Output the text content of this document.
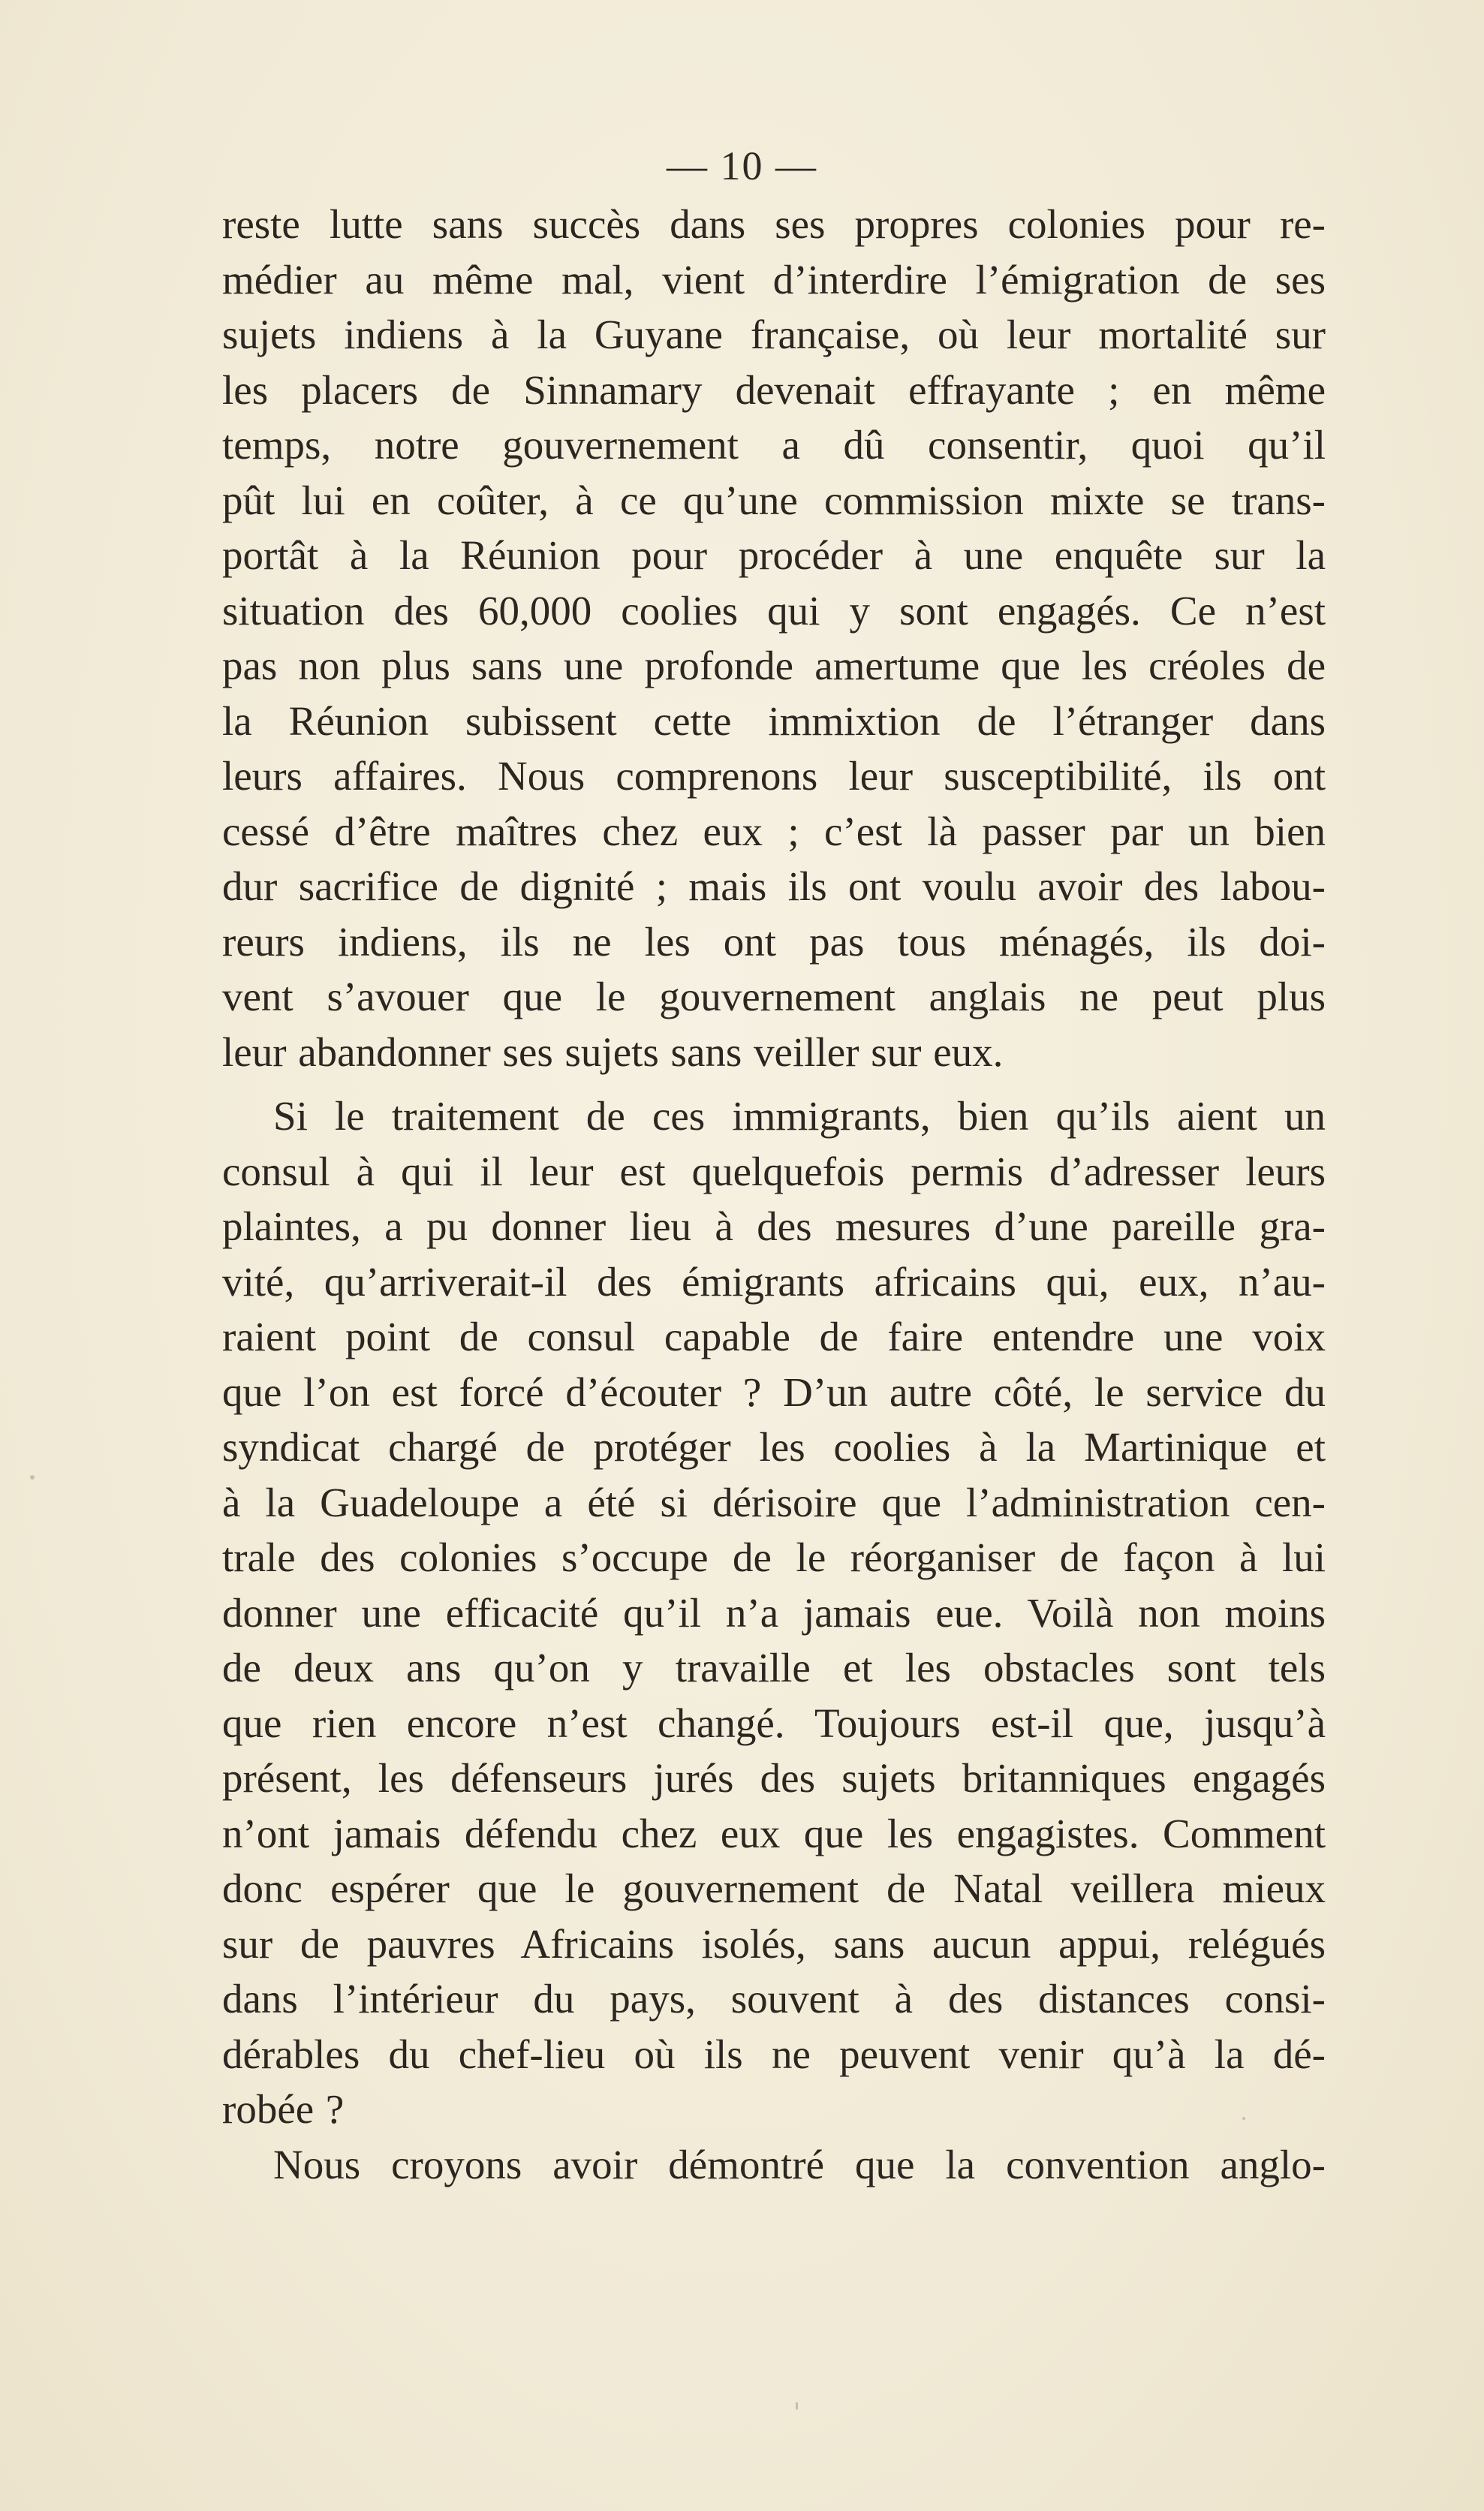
— 10 —
reste lutte sans succès dans ses propres colonies pour re-
médier au même mal, vient d’interdire l’émigration de ses
sujets indiens à la Guyane française, où leur mortalité sur
les placers de Sinnamary devenait effrayante ; en même
temps, notre gouvernement a dû consentir, quoi qu’il
pût lui en coûter, à ce qu’une commission mixte se trans-
portât à la Réunion pour procéder à une enquête sur la
situation des 60,000 coolies qui y sont engagés. Ce n’est
pas non plus sans une profonde amertume que les créoles de
la Réunion subissent cette immixtion de l’étranger dans
leurs affaires. Nous comprenons leur susceptibilité, ils ont
cessé d’être maîtres chez eux ; c’est là passer par un bien
dur sacrifice de dignité ; mais ils ont voulu avoir des labou-
reurs indiens, ils ne les ont pas tous ménagés, ils doi-
vent s’avouer que le gouvernement anglais ne peut plus
leur abandonner ses sujets sans veiller sur eux.
Si le traitement de ces immigrants, bien qu’ils aient un
consul à qui il leur est quelquefois permis d’adresser leurs
plaintes, a pu donner lieu à des mesures d’une pareille gra-
vité, qu’arriverait-il des émigrants africains qui, eux, n’au-
raient point de consul capable de faire entendre une voix
que l’on est forcé d’écouter ? D’un autre côté, le service du
syndicat chargé de protéger les coolies à la Martinique et
à la Guadeloupe a été si dérisoire que l’administration cen-
trale des colonies s’occupe de le réorganiser de façon à lui
donner une efficacité qu’il n’a jamais eue. Voilà non moins
de deux ans qu’on y travaille et les obstacles sont tels
que rien encore n’est changé. Toujours est-il que, jusqu’à
présent, les défenseurs jurés des sujets britanniques engagés
n’ont jamais défendu chez eux que les engagistes. Comment
donc espérer que le gouvernement de Natal veillera mieux
sur de pauvres Africains isolés, sans aucun appui, relégués
dans l’intérieur du pays, souvent à des distances consi-
dérables du chef-lieu où ils ne peuvent venir qu’à la dé-
robée ?
Nous croyons avoir démontré que la convention anglo-
